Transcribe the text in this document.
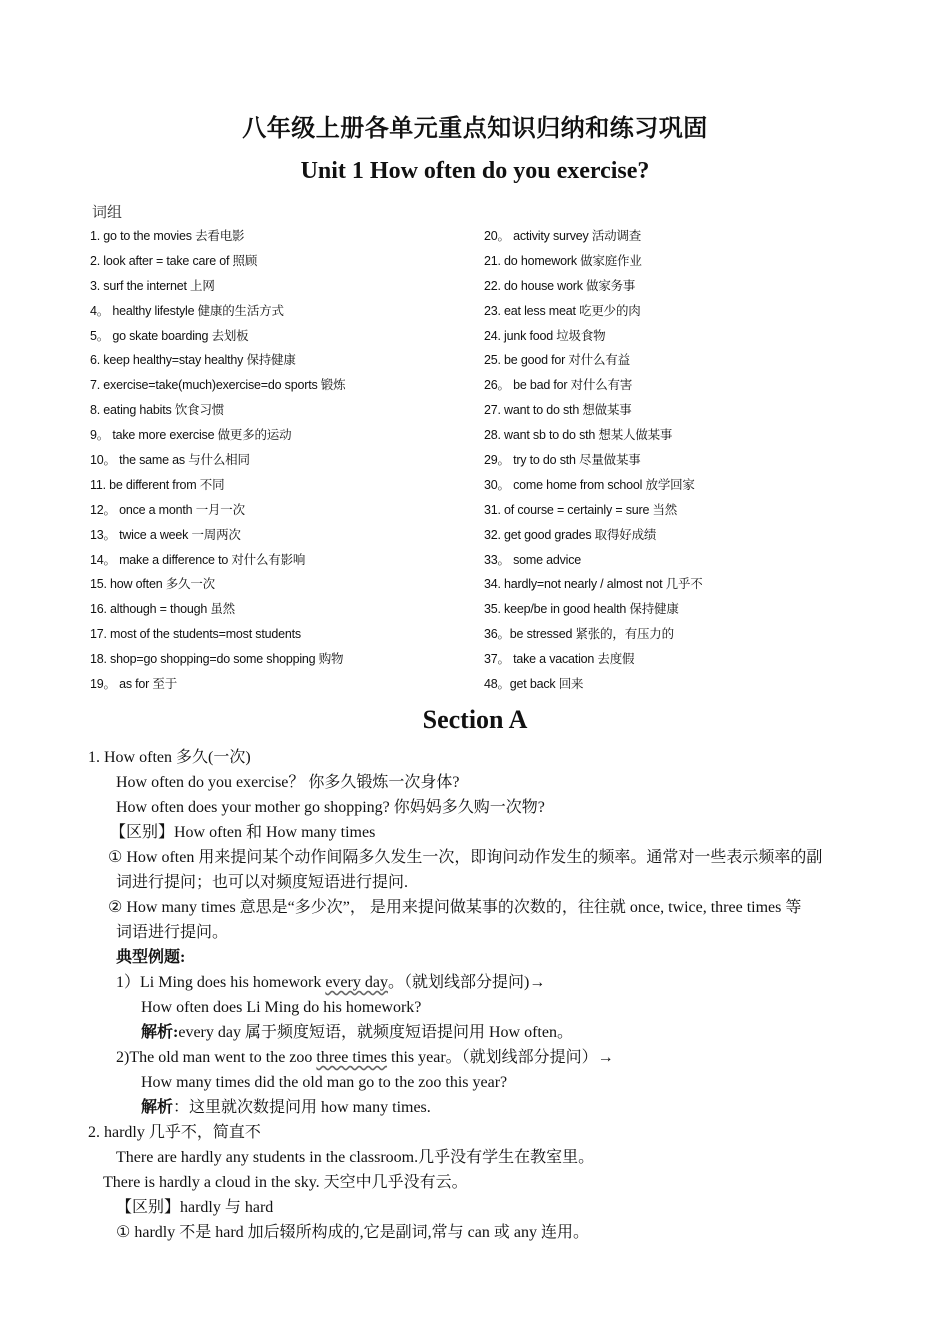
八年级上册各单元重点知识归纳和练习巩固
Unit 1 How often do you exercise?
词组
1. go to the movies 去看电影
2. look after = take care of 照顾
3. surf the internet 上网
4。 healthy lifestyle 健康的生活方式
5。 go skate boarding 去划板
6. keep healthy=stay healthy 保持健康
7. exercise=take(much)exercise=do sports 锻炼
8. eating habits 饮食习惯
9。 take more exercise 做更多的运动
10。 the same as 与什么相同
11. be different from 不同
12。 once a month 一月一次
13。 twice a week 一周两次
14。 make a difference to 对什么有影响
15. how often 多久一次
16. although = though 虽然
17. most of the students=most students
18. shop=go shopping=do some shopping 购物
19。 as for 至于
20。 activity survey 活动调查
21. do homework 做家庭作业
22. do house work 做家务事
23. eat less meat 吃更少的肉
24. junk food 垃圾食物
25. be good for 对什么有益
26。 be bad for 对什么有害
27. want to do sth 想做某事
28. want sb to do sth 想某人做某事
29。 try to do sth 尽量做某事
30。 come home from school 放学回家
31. of course = certainly = sure 当然
32. get good grades 取得好成绩
33。 some advice
34. hardly=not nearly / almost not 几乎不
35. keep/be in good health 保持健康
36。be stressed 紧张的，有压力的
37。 take a vacation 去度假
48。get back 回来
Section A
1. How often 多久(一次)
How often do you exercise？ 你多久锻炼一次身体?
How often does your mother go shopping? 你妈妈多久购一次物?
【区别】How often 和 How many times
① How often 用来提问某个动作间隔多久发生一次，即询问动作发生的频率。通常对一些表示频率的副
词进行提问；也可以对频度短语进行提问.
② How many times 意思是“多少次”， 是用来提问做某事的次数的，往往就 once, twice, three times 等
词语进行提问。
典型例题:
1）Li Ming does his homework every day。（就划线部分提问)→
How often does Li Ming do his homework?
解析:every day 属于频度短语，就频度短语提问用 How often。
2)The old man went to the zoo three times this year。（就划线部分提问）→
How many times did the old man go to the zoo this year?
解析：这里就次数提问用 how many times.
2. hardly 几乎不，简直不
There are hardly any students in the classroom.几乎没有学生在教室里。
There is hardly a cloud in the sky. 天空中几乎没有云。
【区别】hardly 与 hard
① hardly 不是 hard 加后辍所构成的,它是副词,常与 can 或 any 连用。
